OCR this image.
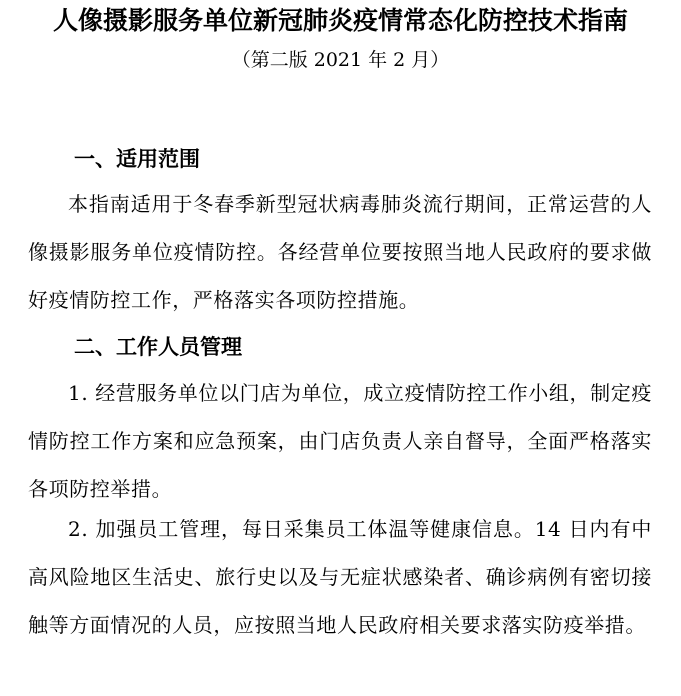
人像摄影服务单位新冠肺炎疫情常态化防控技术指南
（第二版 2021 年 2 月）
一、适用范围
本指南适用于冬春季新型冠状病毒肺炎流行期间，正常运营的人像摄影服务单位疫情防控。各经营单位要按照当地人民政府的要求做好疫情防控工作，严格落实各项防控措施。
二、工作人员管理
1. 经营服务单位以门店为单位，成立疫情防控工作小组，制定疫情防控工作方案和应急预案，由门店负责人亲自督导，全面严格落实各项防控举措。
2. 加强员工管理，每日采集员工体温等健康信息。14 日内有中高风险地区生活史、旅行史以及与无症状感染者、确诊病例有密切接触等方面情况的人员，应按照当地人民政府相关要求落实防疫举措。
